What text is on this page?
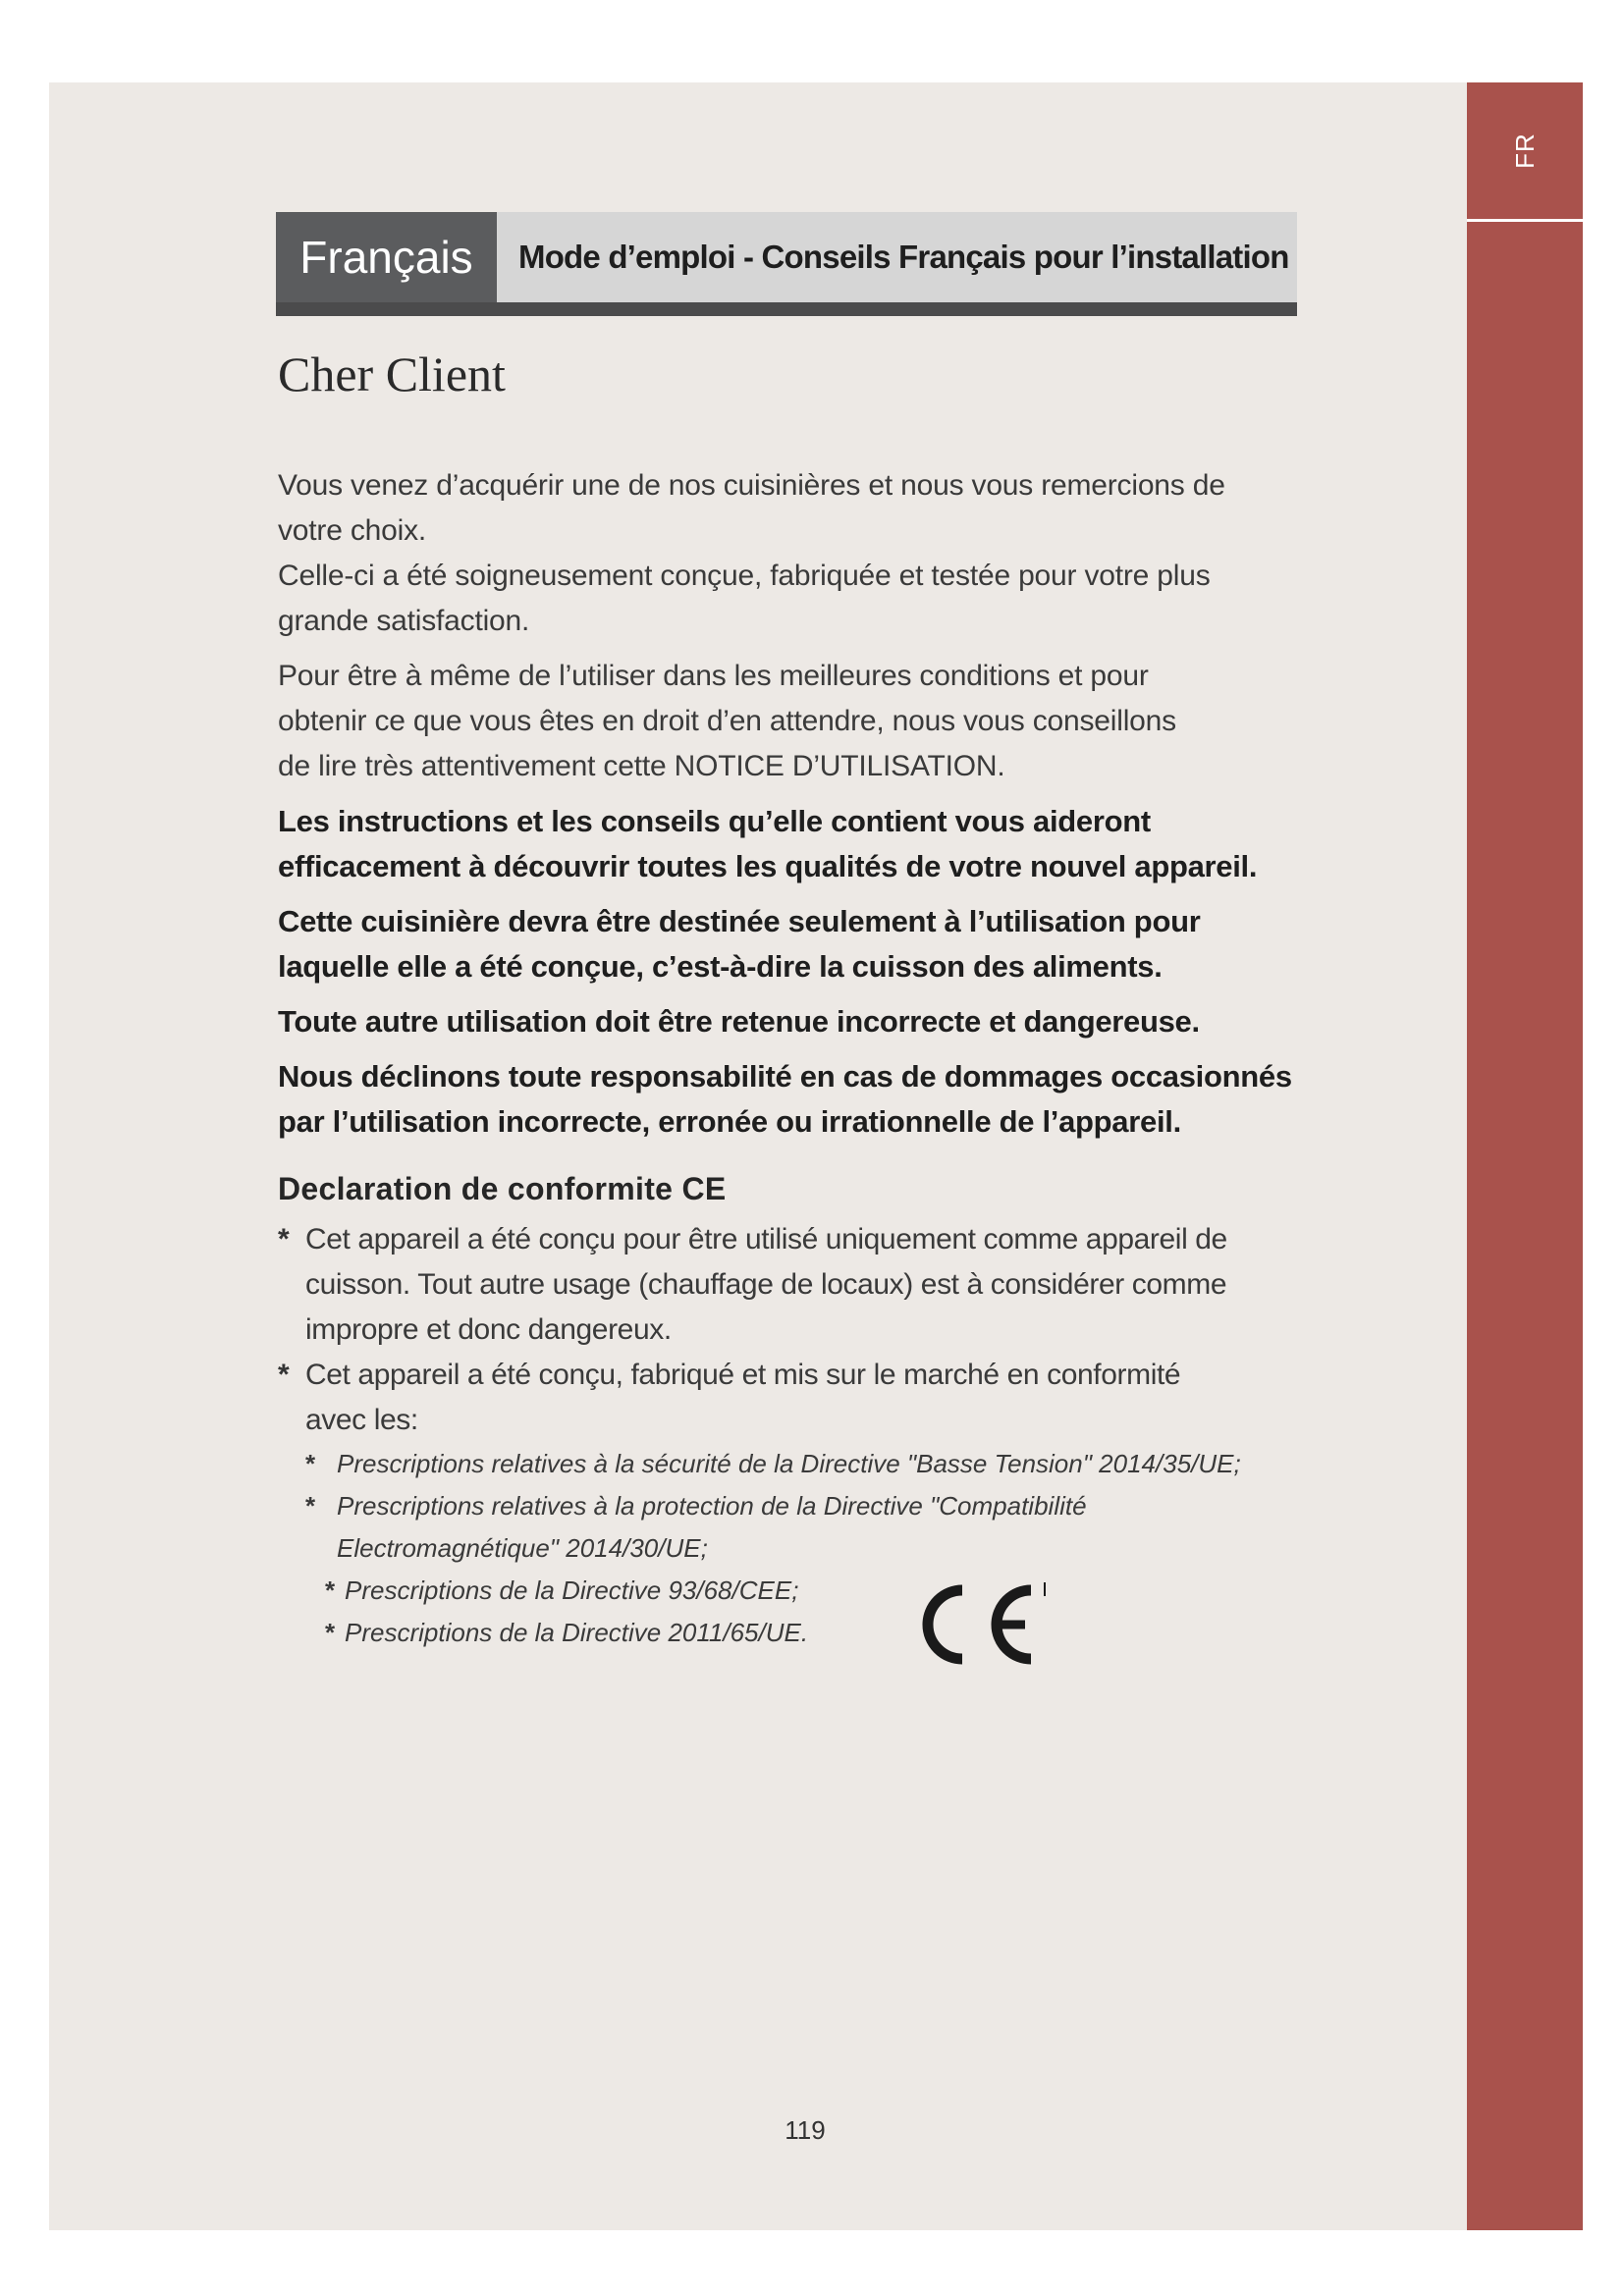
FR
Français	Mode d’emploi - Conseils Français pour l’installation
Cher Client

Vous venez d’acquérir une de nos cuisinières et nous vous remercions de
votre choix.
Celle-ci a été soigneusement conçue, fabriquée et testée pour votre plus
grande satisfaction.

Pour être à même de l’utiliser dans les meilleures conditions et pour
obtenir ce que vous êtes en droit d’en attendre, nous vous conseillons
de lire très attentivement cette NOTICE D’UTILISATION.

Les instructions et les conseils qu’elle contient vous aideront
efficacement à découvrir toutes les qualités de votre nouvel appareil.

Cette cuisinière devra être destinée seulement à l’utilisation pour
laquelle elle a été conçue, c’est-à-dire la cuisson des aliments.

Toute autre utilisation doit être retenue incorrecte et dangereuse.

Nous déclinons toute responsabilité en cas de dommages occasionnés
par l’utilisation incorrecte, erronée ou irrationnelle de l’appareil.

Declaration de conformite CE

* Cet appareil a été conçu pour être utilisé uniquement comme appareil de
cuisson. Tout autre usage (chauffage de locaux) est à considérer comme
impropre et donc dangereux.

* Cet appareil a été conçu, fabriqué et mis sur le marché en conformité
avec les:

* Prescriptions relatives à la sécurité de la Directive "Basse Tension" 2014/35/UE;

* Prescriptions relatives à la protection de la Directive "Compatibilité
Electromagnétique" 2014/30/UE;

* Prescriptions de la Directive 93/68/CEE;

* Prescriptions de la Directive 2011/65/UE.

119
